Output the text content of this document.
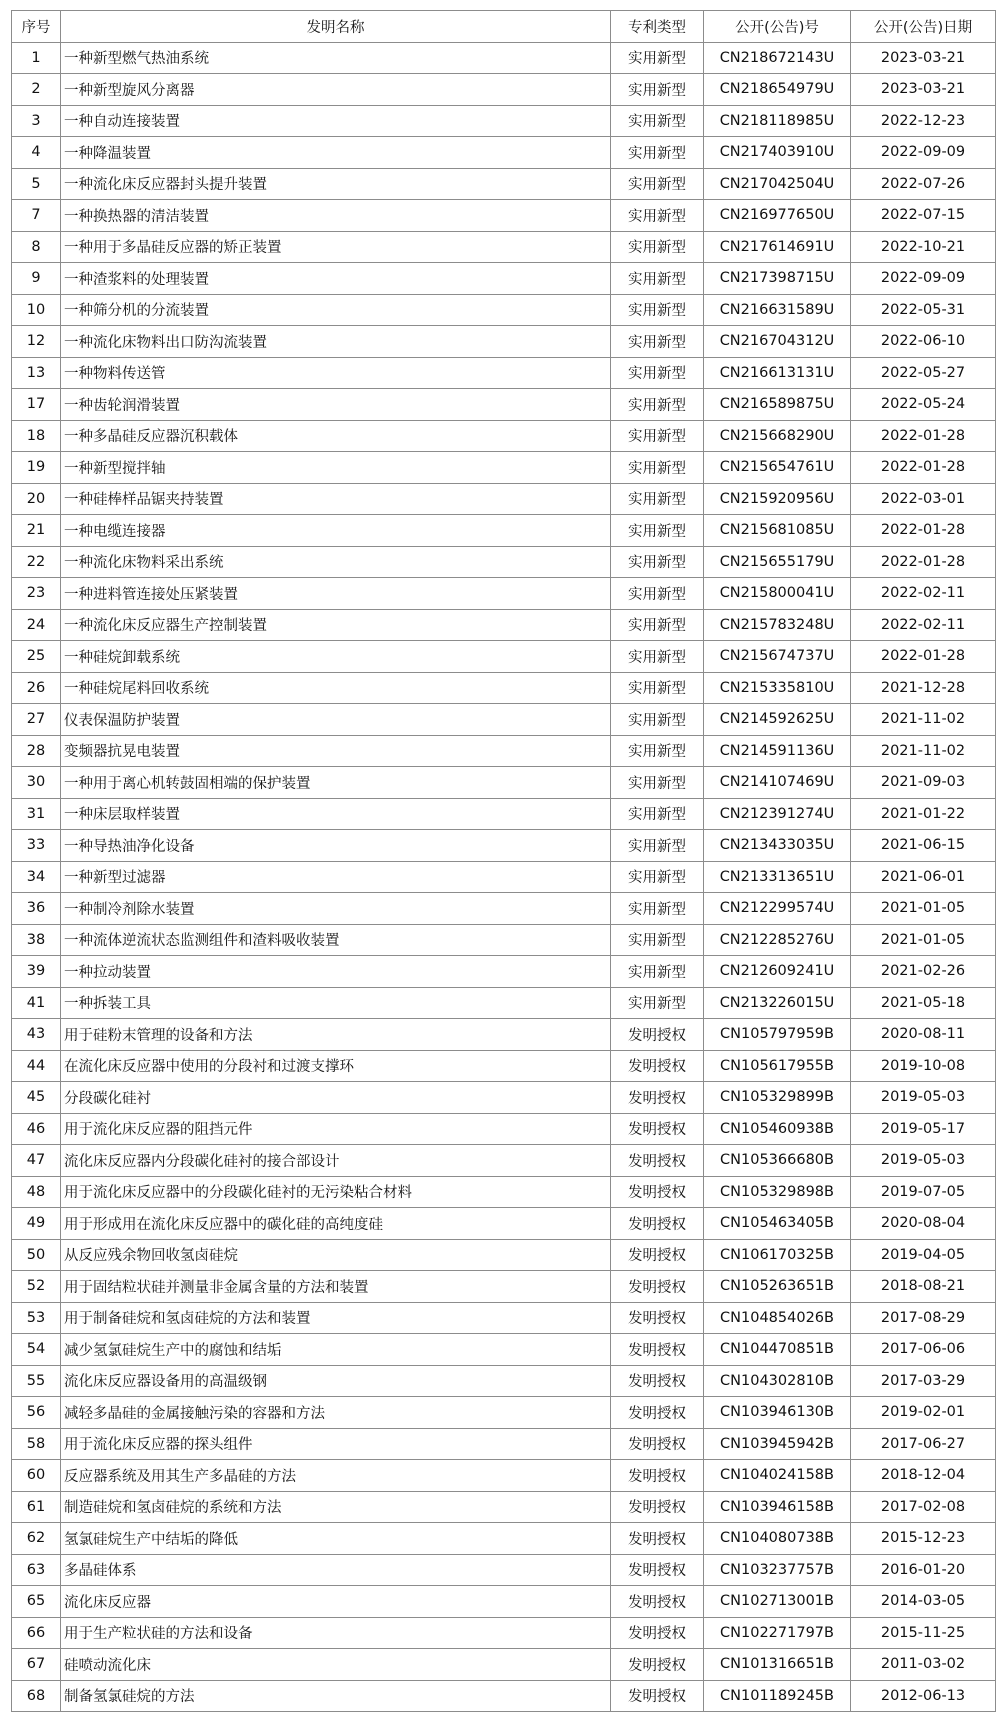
序号	发明名称	专利类型	公开(公告)号	公开(公告)日期
1	一种新型燃气热油系统	实用新型	CN218672143U	2023-03-21
2	一种新型旋风分离器	实用新型	CN218654979U	2023-03-21
3	一种自动连接装置	实用新型	CN218118985U	2022-12-23
4	一种降温装置	实用新型	CN217403910U	2022-09-09
5	一种流化床反应器封头提升装置	实用新型	CN217042504U	2022-07-26
7	一种换热器的清洁装置	实用新型	CN216977650U	2022-07-15
8	一种用于多晶硅反应器的矫正装置	实用新型	CN217614691U	2022-10-21
9	一种渣浆料的处理装置	实用新型	CN217398715U	2022-09-09
10	一种筛分机的分流装置	实用新型	CN216631589U	2022-05-31
12	一种流化床物料出口防沟流装置	实用新型	CN216704312U	2022-06-10
13	一种物料传送管	实用新型	CN216613131U	2022-05-27
17	一种齿轮润滑装置	实用新型	CN216589875U	2022-05-24
18	一种多晶硅反应器沉积载体	实用新型	CN215668290U	2022-01-28
19	一种新型搅拌轴	实用新型	CN215654761U	2022-01-28
20	一种硅棒样品锯夹持装置	实用新型	CN215920956U	2022-03-01
21	一种电缆连接器	实用新型	CN215681085U	2022-01-28
22	一种流化床物料采出系统	实用新型	CN215655179U	2022-01-28
23	一种进料管连接处压紧装置	实用新型	CN215800041U	2022-02-11
24	一种流化床反应器生产控制装置	实用新型	CN215783248U	2022-02-11
25	一种硅烷卸载系统	实用新型	CN215674737U	2022-01-28
26	一种硅烷尾料回收系统	实用新型	CN215335810U	2021-12-28
27	仪表保温防护装置	实用新型	CN214592625U	2021-11-02
28	变频器抗晃电装置	实用新型	CN214591136U	2021-11-02
30	一种用于离心机转鼓固相端的保护装置	实用新型	CN214107469U	2021-09-03
31	一种床层取样装置	实用新型	CN212391274U	2021-01-22
33	一种导热油净化设备	实用新型	CN213433035U	2021-06-15
34	一种新型过滤器	实用新型	CN213313651U	2021-06-01
36	一种制冷剂除水装置	实用新型	CN212299574U	2021-01-05
38	一种流体逆流状态监测组件和渣料吸收装置	实用新型	CN212285276U	2021-01-05
39	一种拉动装置	实用新型	CN212609241U	2021-02-26
41	一种拆装工具	实用新型	CN213226015U	2021-05-18
43	用于硅粉末管理的设备和方法	发明授权	CN105797959B	2020-08-11
44	在流化床反应器中使用的分段衬和过渡支撑环	发明授权	CN105617955B	2019-10-08
45	分段碳化硅衬	发明授权	CN105329899B	2019-05-03
46	用于流化床反应器的阻挡元件	发明授权	CN105460938B	2019-05-17
47	流化床反应器内分段碳化硅衬的接合部设计	发明授权	CN105366680B	2019-05-03
48	用于流化床反应器中的分段碳化硅衬的无污染粘合材料	发明授权	CN105329898B	2019-07-05
49	用于形成用在流化床反应器中的碳化硅的高纯度硅	发明授权	CN105463405B	2020-08-04
50	从反应残余物回收氢卤硅烷	发明授权	CN106170325B	2019-04-05
52	用于固结粒状硅并测量非金属含量的方法和装置	发明授权	CN105263651B	2018-08-21
53	用于制备硅烷和氢卤硅烷的方法和装置	发明授权	CN104854026B	2017-08-29
54	减少氢氯硅烷生产中的腐蚀和结垢	发明授权	CN104470851B	2017-06-06
55	流化床反应器设备用的高温级钢	发明授权	CN104302810B	2017-03-29
56	减轻多晶硅的金属接触污染的容器和方法	发明授权	CN103946130B	2019-02-01
58	用于流化床反应器的探头组件	发明授权	CN103945942B	2017-06-27
60	反应器系统及用其生产多晶硅的方法	发明授权	CN104024158B	2018-12-04
61	制造硅烷和氢卤硅烷的系统和方法	发明授权	CN103946158B	2017-02-08
62	氢氯硅烷生产中结垢的降低	发明授权	CN104080738B	2015-12-23
63	多晶硅体系	发明授权	CN103237757B	2016-01-20
65	流化床反应器	发明授权	CN102713001B	2014-03-05
66	用于生产粒状硅的方法和设备	发明授权	CN102271797B	2015-11-25
67	硅喷动流化床	发明授权	CN101316651B	2011-03-02
68	制备氢氯硅烷的方法	发明授权	CN101189245B	2012-06-13
